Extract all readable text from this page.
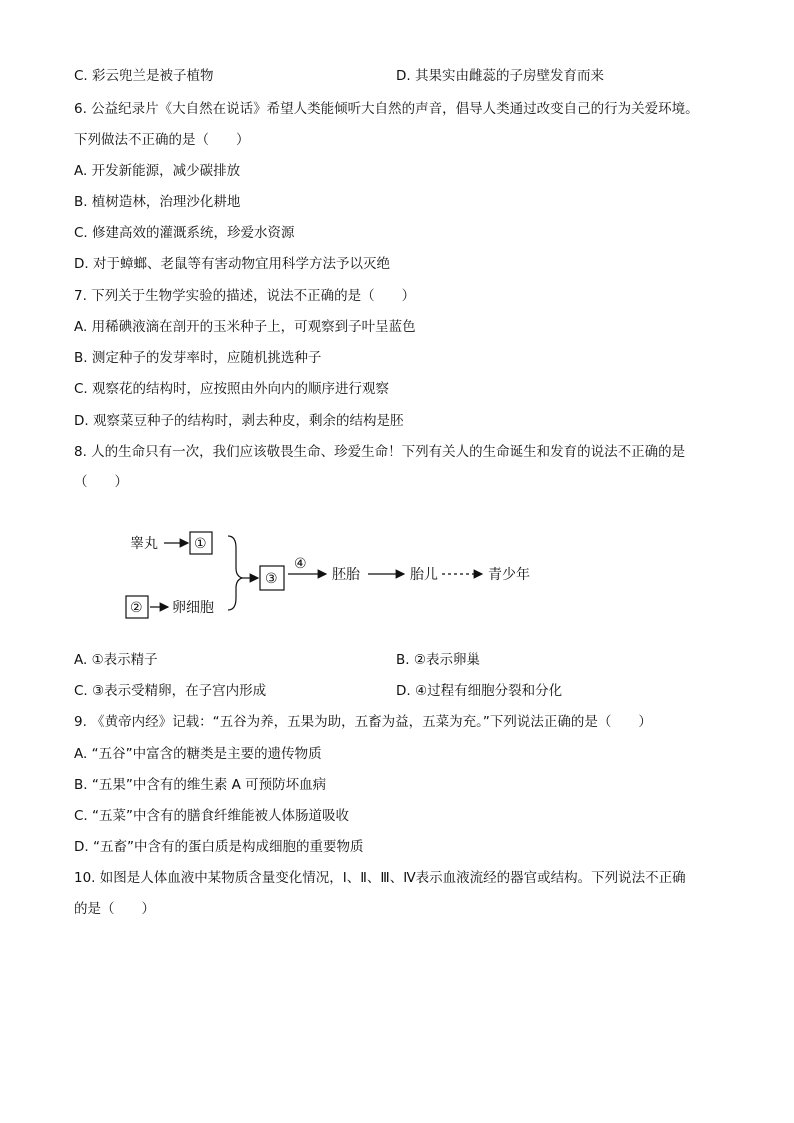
C. 彩云兜兰是被子植物	D. 其果实由雌蕊的子房壁发育而来
6. 公益纪录片《大自然在说话》希望人类能倾听大自然的声音，倡导人类通过改变自己的行为关爱环境。
下列做法不正确的是（　　）
A. 开发新能源，减少碳排放
B. 植树造林，治理沙化耕地
C. 修建高效的灌溉系统，珍爱水资源
D. 对于蟑螂、老鼠等有害动物宜用科学方法予以灭绝
7. 下列关于生物学实验的描述，说法不正确的是（　　）
A. 用稀碘液滴在剖开的玉米种子上，可观察到子叶呈蓝色
B. 测定种子的发芽率时，应随机挑选种子
C. 观察花的结构时，应按照由外向内的顺序进行观察
D. 观察菜豆种子的结构时，剥去种皮，剩余的结构是胚
8. 人的生命只有一次，我们应该敬畏生命、珍爱生命！下列有关人的生命诞生和发育的说法不正确的是
（　　）
睾丸	①
③
④
胚胎	胎儿	青少年
② 卵细胞
A. ①表示精子	B. ②表示卵巢
C. ③表示受精卵，在子宫内形成	D. ④过程有细胞分裂和分化
9. 《黄帝内经》记载：“五谷为养，五果为助，五畜为益，五菜为充。”下列说法正确的是（　　）
A. “五谷”中富含的糖类是主要的遗传物质
B. “五果”中含有的维生素 A 可预防坏血病
C. “五菜”中含有的膳食纤维能被人体肠道吸收
D. “五畜”中含有的蛋白质是构成细胞的重要物质
10. 如图是人体血液中某物质含量变化情况，Ⅰ、Ⅱ、Ⅲ、Ⅳ表示血液流经的器官或结构。下列说法不正确
的是（　　）
